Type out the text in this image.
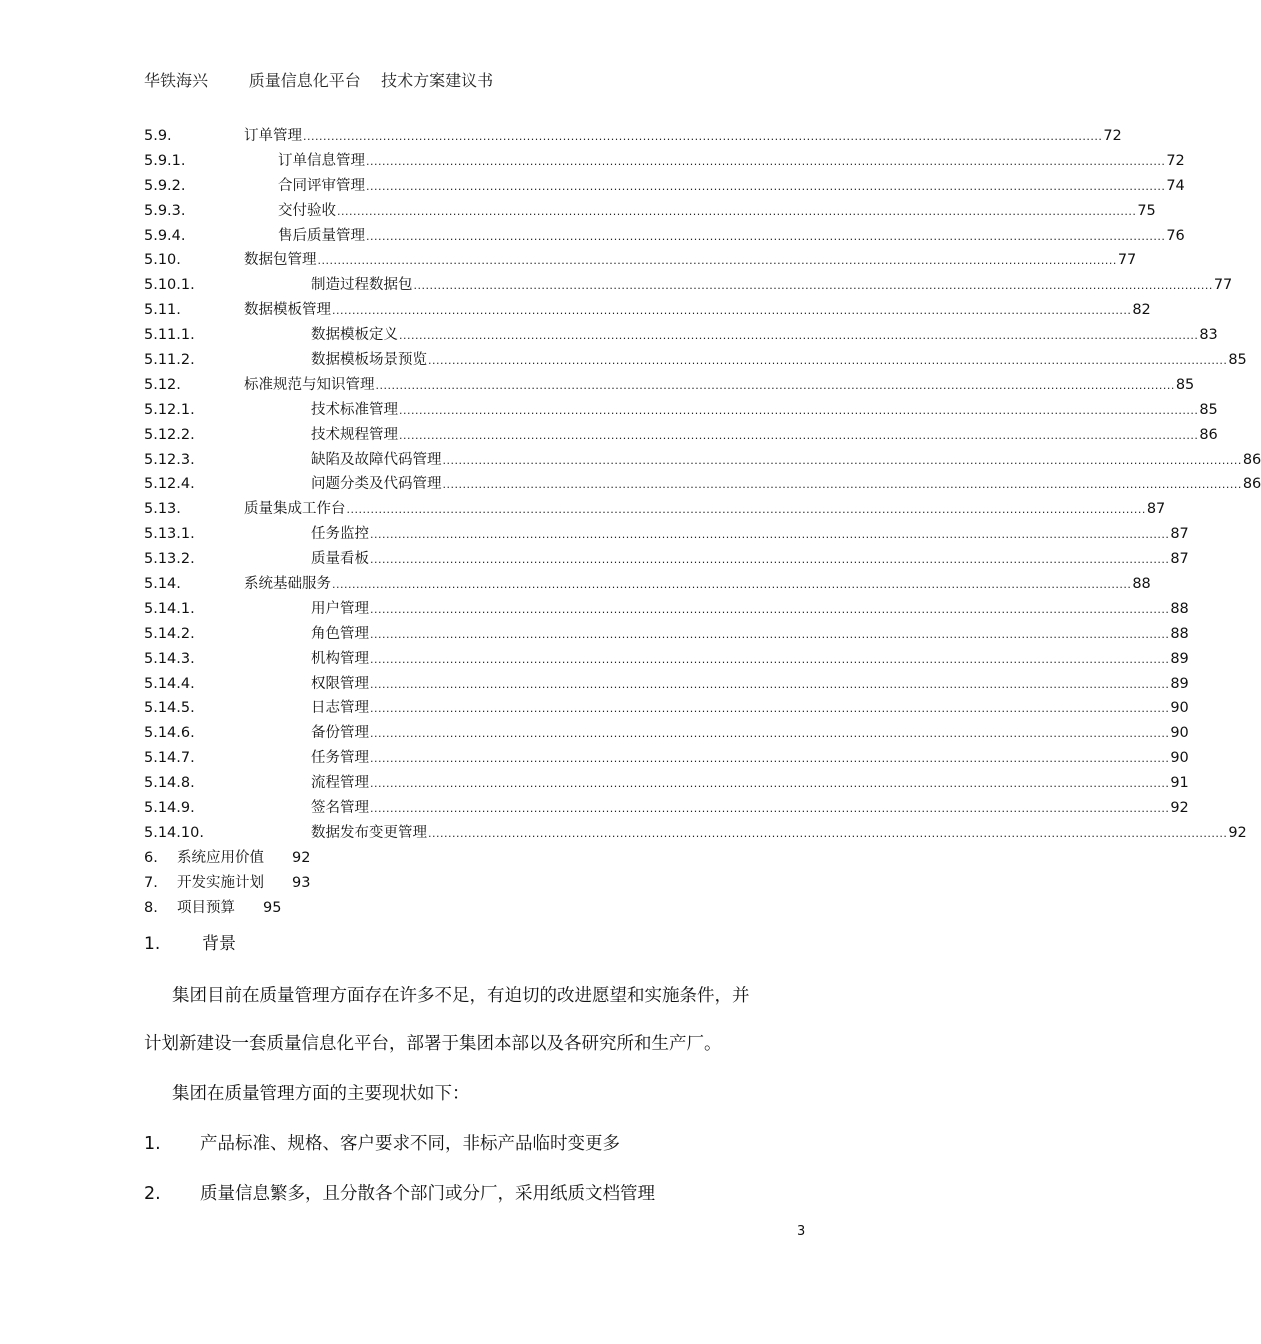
华铁海兴	质量信息化平台 技术方案建议书
5.9.	订单管理 ........................................................................................................................................................................................................ 72
5.9.1.	订单信息管理 ........................................................................................................................................................................................................ 72
5.9.2.	合同评审管理 ........................................................................................................................................................................................................ 74
5.9.3.	交付验收 ........................................................................................................................................................................................................ 75
5.9.4.	售后质量管理 ........................................................................................................................................................................................................ 76
5.10.	数据包管理 ........................................................................................................................................................................................................ 77
5.10.1.	制造过程数据包 ........................................................................................................................................................................................................ 77
5.11.	数据模板管理 ........................................................................................................................................................................................................ 82
5.11.1.	数据模板定义 ........................................................................................................................................................................................................ 83
5.11.2.	数据模板场景预览 ........................................................................................................................................................................................................ 85
5.12.	标准规范与知识管理 ........................................................................................................................................................................................................ 85
5.12.1.	技术标准管理 ........................................................................................................................................................................................................ 85
5.12.2.	技术规程管理 ........................................................................................................................................................................................................ 86
5.12.3.	缺陷及故障代码管理 ........................................................................................................................................................................................................ 86
5.12.4.	问题分类及代码管理 ........................................................................................................................................................................................................ 86
5.13.	质量集成工作台 ........................................................................................................................................................................................................ 87
5.13.1.	任务监控 ........................................................................................................................................................................................................ 87
5.13.2.	质量看板 ........................................................................................................................................................................................................ 87
5.14.	系统基础服务 ........................................................................................................................................................................................................ 88
5.14.1.	用户管理 ........................................................................................................................................................................................................ 88
5.14.2.	角色管理 ........................................................................................................................................................................................................ 88
5.14.3.	机构管理 ........................................................................................................................................................................................................ 89
5.14.4.	权限管理 ........................................................................................................................................................................................................ 89
5.14.5.	日志管理 ........................................................................................................................................................................................................ 90
5.14.6.	备份管理 ........................................................................................................................................................................................................ 90
5.14.7.	任务管理 ........................................................................................................................................................................................................ 90
5.14.8.	流程管理 ........................................................................................................................................................................................................ 91
5.14.9.	签名管理 ........................................................................................................................................................................................................ 92
5.14.10.	数据发布变更管理 ........................................................................................................................................................................................................ 92
6. 系统应用价值 92
7. 开发实施计划 93
8. 项目预算 95
1. 背景
集团目前在质量管理方面存在许多不足，有迫切的改进愿望和实施条件，并
计划新建设一套质量信息化平台，部署于集团本部以及各研究所和生产厂。
集团在质量管理方面的主要现状如下：
1. 产品标准、规格、客户要求不同，非标产品临时变更多
2. 质量信息繁多，且分散各个部门或分厂，采用纸质文档管理
3
